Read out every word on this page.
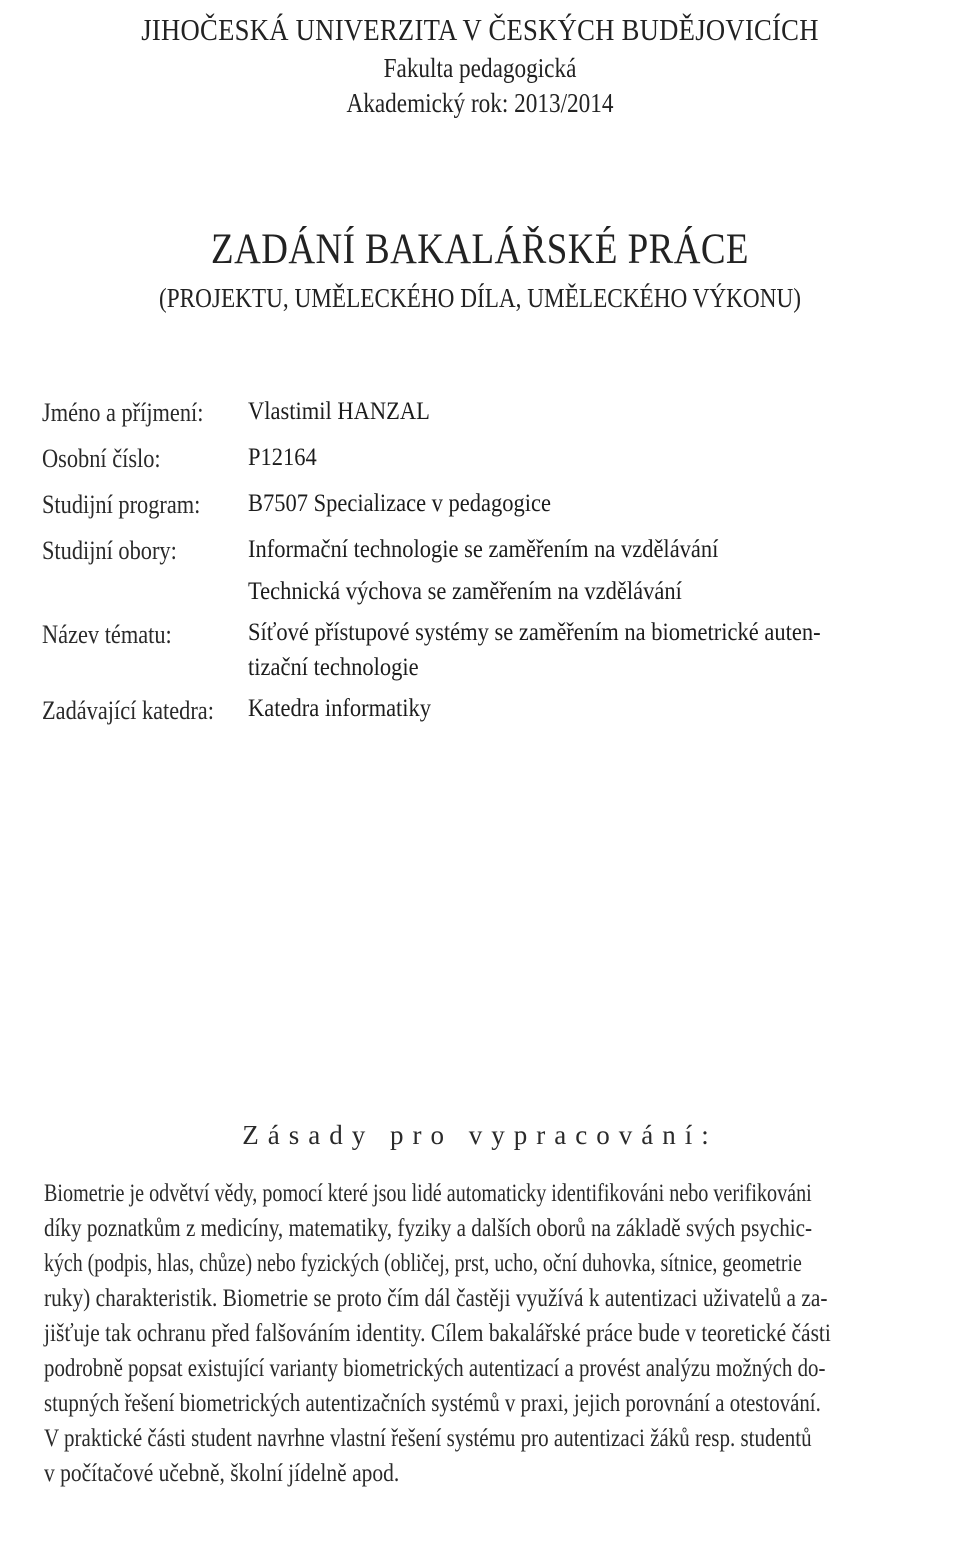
JIHOČESKÁ UNIVERZITA V ČESKÝCH BUDĚJOVICÍCH
Fakulta pedagogická
Akademický rok: 2013/2014
ZADÁNÍ BAKALÁŘSKÉ PRÁCE
(PROJEKTU, UMĚLECKÉHO DÍLA, UMĚLECKÉHO VÝKONU)
Jméno a příjmení: Vlastimil HANZAL
Osobní číslo:	P12164
Studijní program: B7507 Specializace v pedagogice
Studijní obory:	Informační technologie se zaměřením na vzdělávání
Technická výchova se zaměřením na vzdělávání
Název tématu:	Síťové přístupové systémy se zaměřením na biometrické auten-
tizační technologie
Zadávající katedra: Katedra informatiky
Zásady pro vypracování:
Biometrie je odvětví vědy, pomocí které jsou lidé automaticky identifikováni nebo verifikováni
díky poznatkům z medicíny, matematiky, fyziky a dalších oborů na základě svých psychic-
kých (podpis, hlas, chůze) nebo fyzických (obličej, prst, ucho, oční duhovka, sítnice, geometrie
ruky) charakteristik. Biometrie se proto čím dál častěji využívá k autentizaci uživatelů a za-
jišťuje tak ochranu před falšováním identity. Cílem bakalářské práce bude v teoretické části
podrobně popsat existující varianty biometrických autentizací a provést analýzu možných do-
stupných řešení biometrických autentizačních systémů v praxi, jejich porovnání a otestování.
V praktické části student navrhne vlastní řešení systému pro autentizaci žáků resp. studentů
v počítačové učebně, školní jídelně apod.
